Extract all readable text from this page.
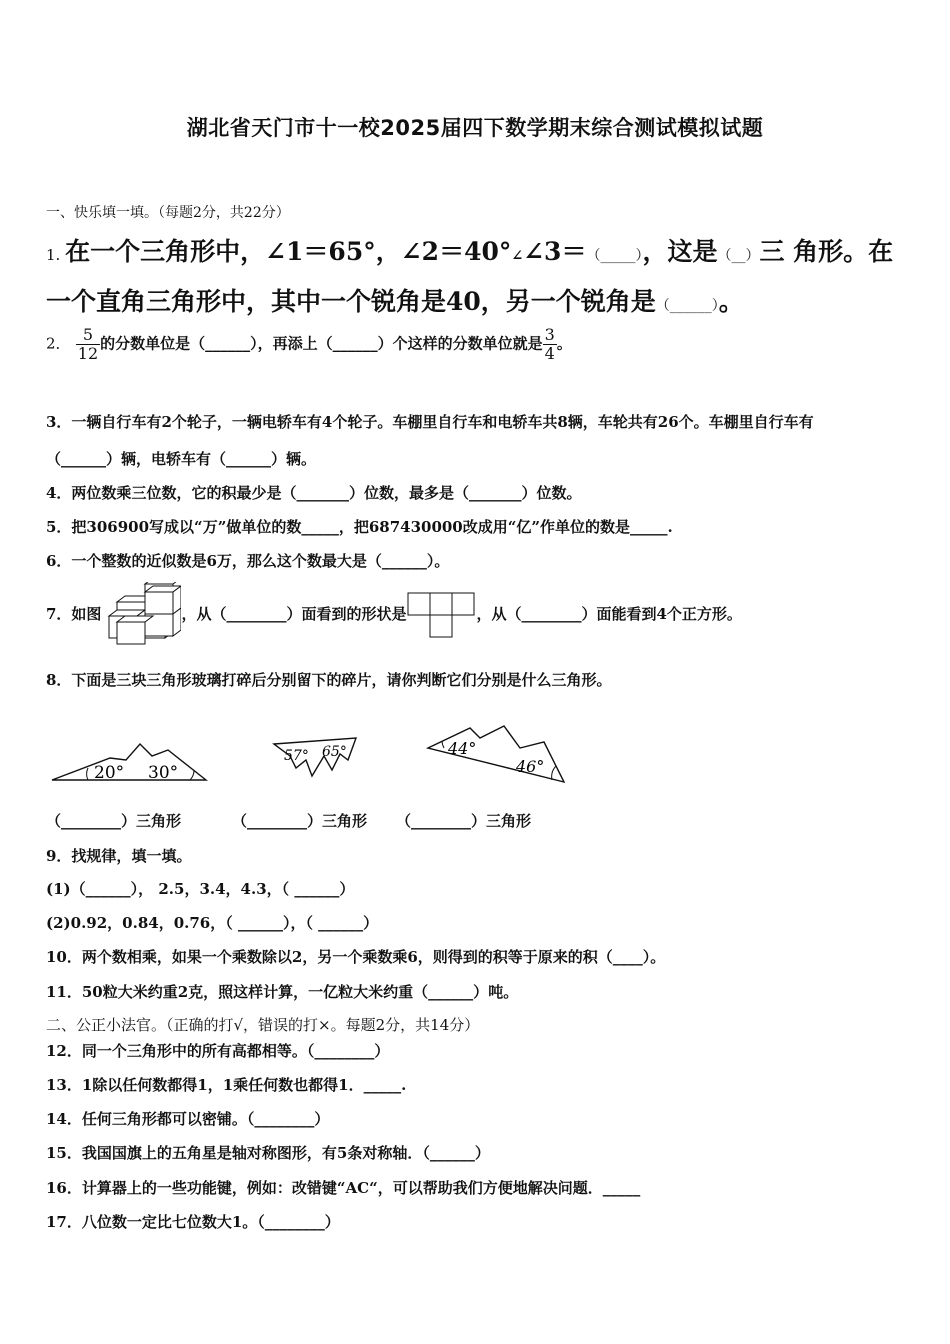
湖北省天门市十一校2025届四下数学期末综合测试模拟试题
一、快乐填一填。（每题2分，共22分）
1. 在一个三角形中，∠1＝65°，∠2＝40°∠∠3＝（_____），这是（__）三 角形。在
一个直角三角形中，其中一个锐角是40，另一个锐角是（______）。
2． $\frac{5}{12}$ 的分数单位是（______），再添上（______）个这样的分数单位就是 $\frac{3}{4}$ 。
3．一辆自行车有2个轮子，一辆电轿车有4个轮子。车棚里自行车和电轿车共8辆，车轮共有26个。车棚里自行车有
（______）辆，电轿车有（______）辆。
4．两位数乘三位数，它的积最少是（_______）位数，最多是（_______）位数。
5．把306900写成以“万”做单位的数_____，把687430000改成用“亿”作单位的数是_____.
6．一个整数的近似数是6万，那么这个数最大是（______）。
7．如图	，从（________）面看到的形状是	，从（________）面能看到4个正方形。
8．下面是三块三角形玻璃打碎后分别留下的碎片，请你判断它们分别是什么三角形。
20° 30°
57° 65°	44°
46°
（________）三角形	（________）三角形 （________）三角形
9．找规律，填一填。
(1)（______）， 2.5，3.4，4.3，（ ______）
(2)0.92，0.84，0.76，（ ______），（ ______）
10．两个数相乘，如果一个乘数除以2，另一个乘数乘6，则得到的积等于原来的积（____）。
11．50粒大米约重2克，照这样计算，一亿粒大米约重（______）吨。
二、公正小法官。（正确的打√，错误的打×。每题2分，共14分）
12．同一个三角形中的所有高都相等。（________）
13．1除以任何数都得1，1乘任何数也都得1．_____.
14．任何三角形都可以密铺。（________）
15．我国国旗上的五角星是轴对称图形，有5条对称轴．（______）
16．计算器上的一些功能键，例如：改错键“AC“，可以帮助我们方便地解决问题．_____
17．八位数一定比七位数大1。（________）
